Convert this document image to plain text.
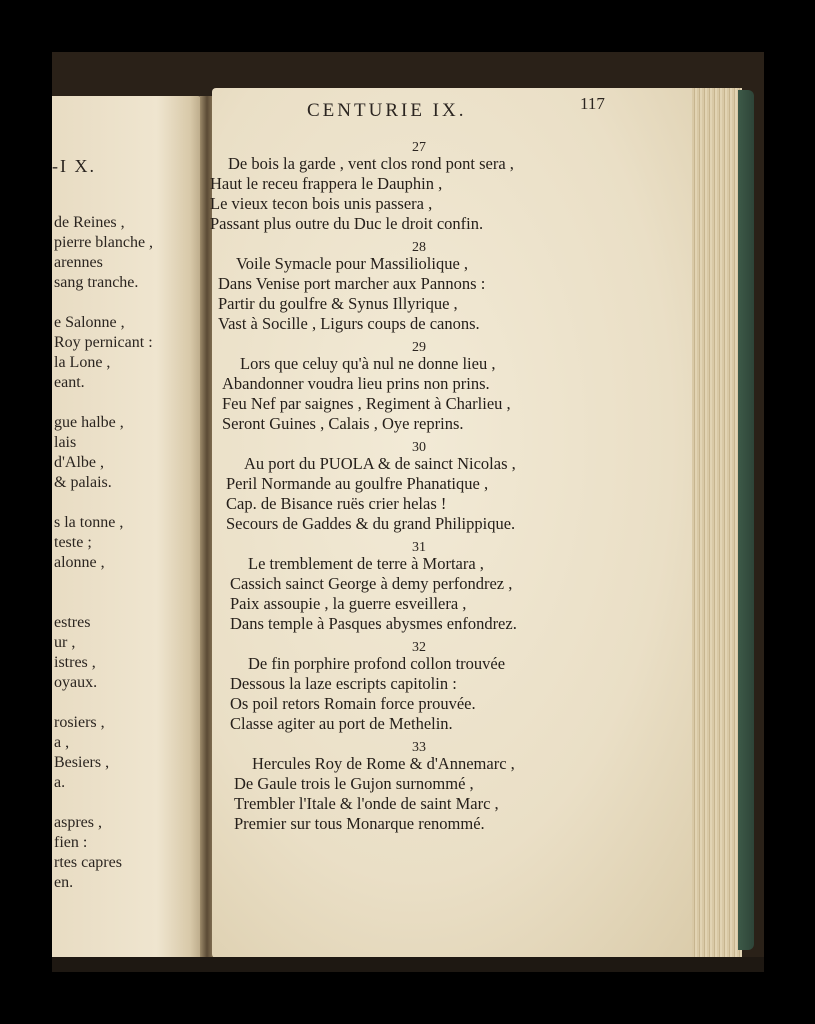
-I X.
de Reines ,
pierre blanche ,
arennes
sang tranche.
e Salonne ,
Roy pernicant :
la Lone ,
eant.
gue halbe ,
lais
d'Albe ,
& palais.
s la tonne ,
teste ;
alonne ,
estres
ur ,
istres ,
oyaux.
rosiers ,
a ,
Besiers ,
a.
aspres ,
fien :
rtes capres
en.
CENTURIE IX.	117
27
De bois la garde , vent clos rond pont sera ,
Haut le receu frappera le Dauphin ,
Le vieux tecon bois unis passera ,
Passant plus outre du Duc le droit confin.
28
Voile Symacle pour Massiliolique ,
Dans Venise port marcher aux Pannons :
Partir du goulfre & Synus Illyrique ,
Vast à Socille , Ligurs coups de canons.
29
Lors que celuy qu'à nul ne donne lieu ,
Abandonner voudra lieu prins non prins.
Feu Nef par saignes , Regiment à Charlieu ,
Seront Guines , Calais , Oye reprins.
30
Au port du PUOLA & de sainct Nicolas ,
Peril Normande au goulfre Phanatique ,
Cap. de Bisance ruës crier helas !
Secours de Gaddes & du grand Philippique.
31
Le tremblement de terre à Mortara ,
Cassich sainct George à demy perfondrez ,
Paix assoupie , la guerre esveillera ,
Dans temple à Pasques abysmes enfondrez.
32
De fin porphire profond collon trouvée
Dessous la laze escripts capitolin :
Os poil retors Romain force prouvée.
Classe agiter au port de Methelin.
33
Hercules Roy de Rome & d'Annemarc ,
De Gaule trois le Gujon surnommé ,
Trembler l'Itale & l'onde de saint Marc ,
Premier sur tous Monarque renommé.
